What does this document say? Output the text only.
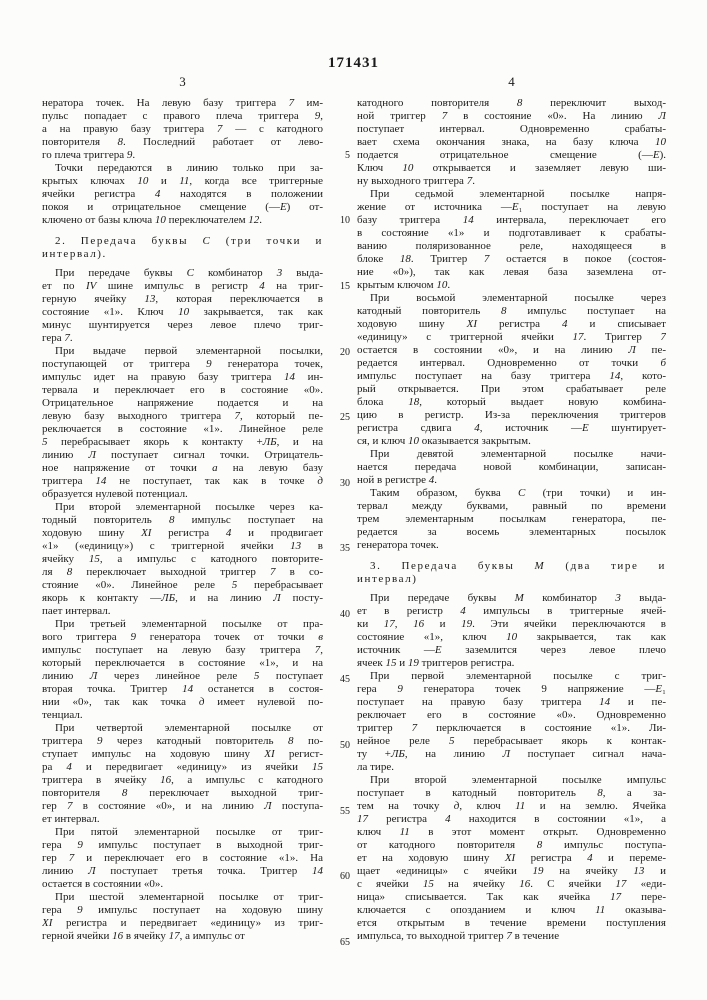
171431
3	4
нератора точек. На левую базу триггера 7 им-
пульс попадает с правого плеча триггера 9,
а на правую базу триггера 7 — с катодного
повторителя 8. Последний работает от лево-
го плеча триггера 9.
Точки передаются в линию только при за-
крытых ключах 10 и 11, когда все триггерные
ячейки регистра 4 находятся в положении
покоя и отрицательное смещение (—E) от-
ключено от базы ключа 10 переключателем 12.
2. Передача буквы C (три точки и
интервал).
При передаче буквы C комбинатор 3 выда-
ет по IV шине импульс в регистр 4 на триг-
герную ячейку 13, которая переключается в
состояние «1». Ключ 10 закрывается, так как
минус шунтируется через левое плечо триг-
гера 7.
При выдаче первой элементарной посылки,
поступающей от триггера 9 генератора точек,
импульс идет на правую базу триггера 14 ин-
тервала и переключает его в состояние «0».
Отрицательное напряжение подается и на
левую базу выходного триггера 7, который пе-
реключается в состояние «1». Линейное реле
5 перебрасывает якорь к контакту +ЛБ, и на
линию Л поступает сигнал точки. Отрицатель-
ное напряжение от точки а на левую базу
триггера 14 не поступает, так как в точке д
образуется нулевой потенциал.
При второй элементарной посылке через ка-
тодный повторитель 8 импульс поступает на
ходовую шину XI регистра 4 и продвигает
«1» («единицу») с триггерной ячейки 13 в
ячейку 15, а импульс с катодного повторите-
ля 8 переключает выходной триггер 7 в со-
стояние «0». Линейное реле 5 перебрасывает
якорь к контакту —ЛБ, и на линию Л посту-
пает интервал.
При третьей элементарной посылке от пра-
вого триггера 9 генератора точек от точки в
импульс поступает на левую базу триггера 7,
который переключается в состояние «1», и на
линию Л через линейное реле 5 поступает
вторая точка. Триггер 14 останется в состоя-
нии «0», так как точка д имеет нулевой по-
тенциал.
При четвертой элементарной посылке от
триггера 9 через катодный повторитель 8 по-
ступает импульс на ходовую шину XI регист-
ра 4 и передвигает «единицу» из ячейки 15
триггера в ячейку 16, а импульс с катодного
повторителя 8 переключает выходной триг-
гер 7 в состояние «0», и на линию Л поступа-
ет интервал.
При пятой элементарной посылке от триг-
гера 9 импульс поступает в выходной триг-
гер 7 и переключает его в состояние «1». На
линию Л поступает третья точка. Триггер 14
остается в состоянии «0».
При шестой элементарной посылке от триг-
гера 9 импульс поступает на ходовую шину
XI регистра и передвигает «единицу» из триг-
герной ячейки 16 в ячейку 17, а импульс от
катодного повторителя 8 переключит выход-
ной триггер 7 в состояние «0». На линию Л
поступает интервал. Одновременно срабаты-
вает схема окончания знака, на базу ключа 10
подается отрицательное смещение (—E).
Ключ 10 открывается и заземляет левую ши-
ну выходного триггера 7.
При седьмой элементарной посылке напря-
жение от источника —E₁ поступает на левую
базу триггера 14 интервала, переключает его
в состояние «1» и подготавливает к срабаты-
ванию поляризованное реле, находящееся в
блоке 18. Триггер 7 остается в покое (состоя-
ние «0»), так как левая база заземлена от-
крытым ключом 10.
При восьмой элементарной посылке через
катодный повторитель 8 импульс поступает на
ходовую шину XI регистра 4 и списывает
«единицу» с триггерной ячейки 17. Триггер 7
остается в состоянии «0», и на линию Л пе-
редается интервал. Одновременно от точки б
импульс поступает на базу триггера 14, кото-
рый открывается. При этом срабатывает реле
блока 18, который выдает новую комбина-
цию в регистр. Из-за переключения триггеров
регистра сдвига 4, источник —E шунтирует-
ся, и ключ 10 оказывается закрытым.
При девятой элементарной посылке начи-
нается передача новой комбинации, записан-
ной в регистре 4.
Таким образом, буква C (три точки) и ин-
тервал между буквами, равный по времени
трем элементарным посылкам генератора, пе-
редается за восемь элементарных посылок
генератора точек.
3. Передача буквы M (два тире и
интервал)
При передаче буквы M комбинатор 3 выда-
ет в регистр 4 импульсы в триггерные ячей-
ки 17, 16 и 19. Эти ячейки переключаются в
состояние «1», ключ 10 закрывается, так как
источник —E заземлится через левое плечо
ячеек 15 и 19 триггеров регистра.
При первой элементарной посылке с триг-
гера 9 генератора точек 9 напряжение —E₁
поступает на правую базу триггера 14 и пе-
реключает его в состояние «0». Одновременно
триггер 7 перключается в состояние «1». Ли-
нейное реле 5 перебрасывает якорь к контак-
ту +ЛБ, на линию Л поступает сигнал нача-
ла тире.
При второй элементарной посылке импульс
поступает в катодный повторитель 8, а за-
тем на точку д, ключ 11 и на землю. Ячейка
17 регистра 4 находится в состоянии «1», а
ключ 11 в этот момент открыт. Одновременно
от катодного повторителя 8 импульс поступа-
ет на ходовую шину XI регистра 4 и переме-
щает «единицы» с ячейки 19 на ячейку 13 и
с ячейки 15 на ячейку 16. С ячейки 17 «еди-
ница» списывается. Так как ячейка 17 пере-
ключается с опозданием и ключ 11 оказыва-
ется открытым в течение времени поступления
импульса, то выходной триггер 7 в течение
5
10
15
20
25
30
35
40
45
50
55
60
65
